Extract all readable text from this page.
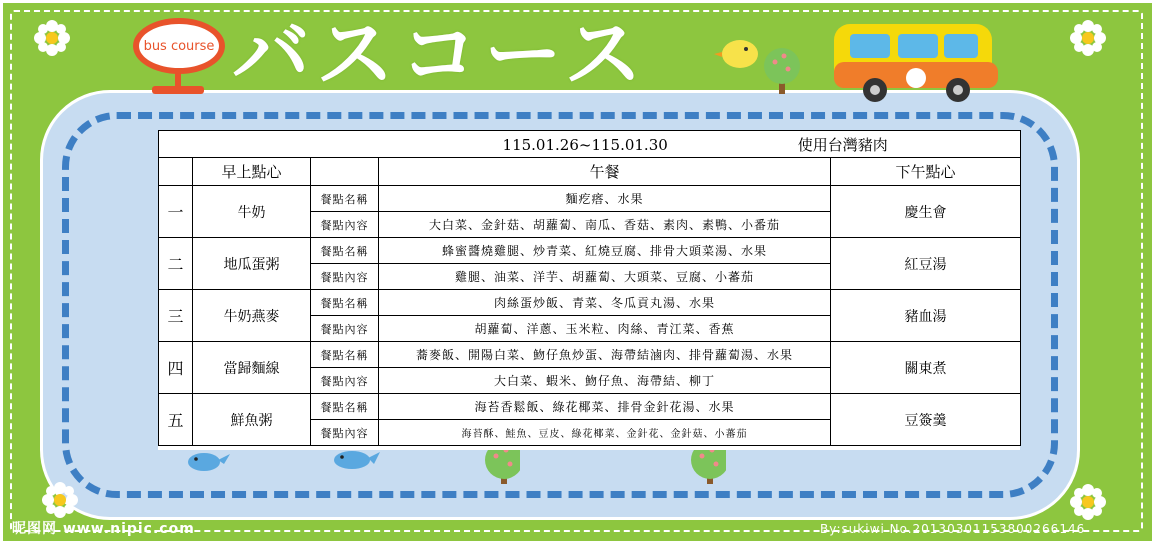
bus course バスコース
			115.01.26~115.01.30 使用台灣豬肉	
	早上點心		午餐	下午點心
一	牛奶	餐點名稱	麵疙瘩、水果	慶生會
		餐點內容	大白菜、金針菇、胡蘿蔔、南瓜、香菇、素肉、素鴨、小番茄	
二	地瓜蛋粥	餐點名稱	蜂蜜醬燒雞腿、炒青菜、紅燒豆腐、排骨大頭菜湯、水果	紅豆湯
		餐點內容	雞腿、油菜、洋芋、胡蘿蔔、大頭菜、豆腐、小蕃茄	
三	牛奶燕麥	餐點名稱	肉絲蛋炒飯、青菜、冬瓜貢丸湯、水果	豬血湯
		餐點內容	胡蘿蔔、洋蔥、玉米粒、肉絲、青江菜、香蕉	
四	當歸麵線	餐點名稱	蕎麥飯、開陽白菜、魩仔魚炒蛋、海帶結滷肉、排骨蘿蔔湯、水果	關東煮
		餐點內容	大白菜、蝦米、魩仔魚、海帶結、柳丁	
五	鮮魚粥	餐點名稱	海苔香鬆飯、綠花椰菜、排骨金針花湯、水果	豆簽羹
		餐點內容	海苔酥、鮭魚、豆皮、綠花椰菜、金針花、金針菇、小蕃茄	
昵图网 www.nipic.com	By:sukiwi No.20130301153800266146
